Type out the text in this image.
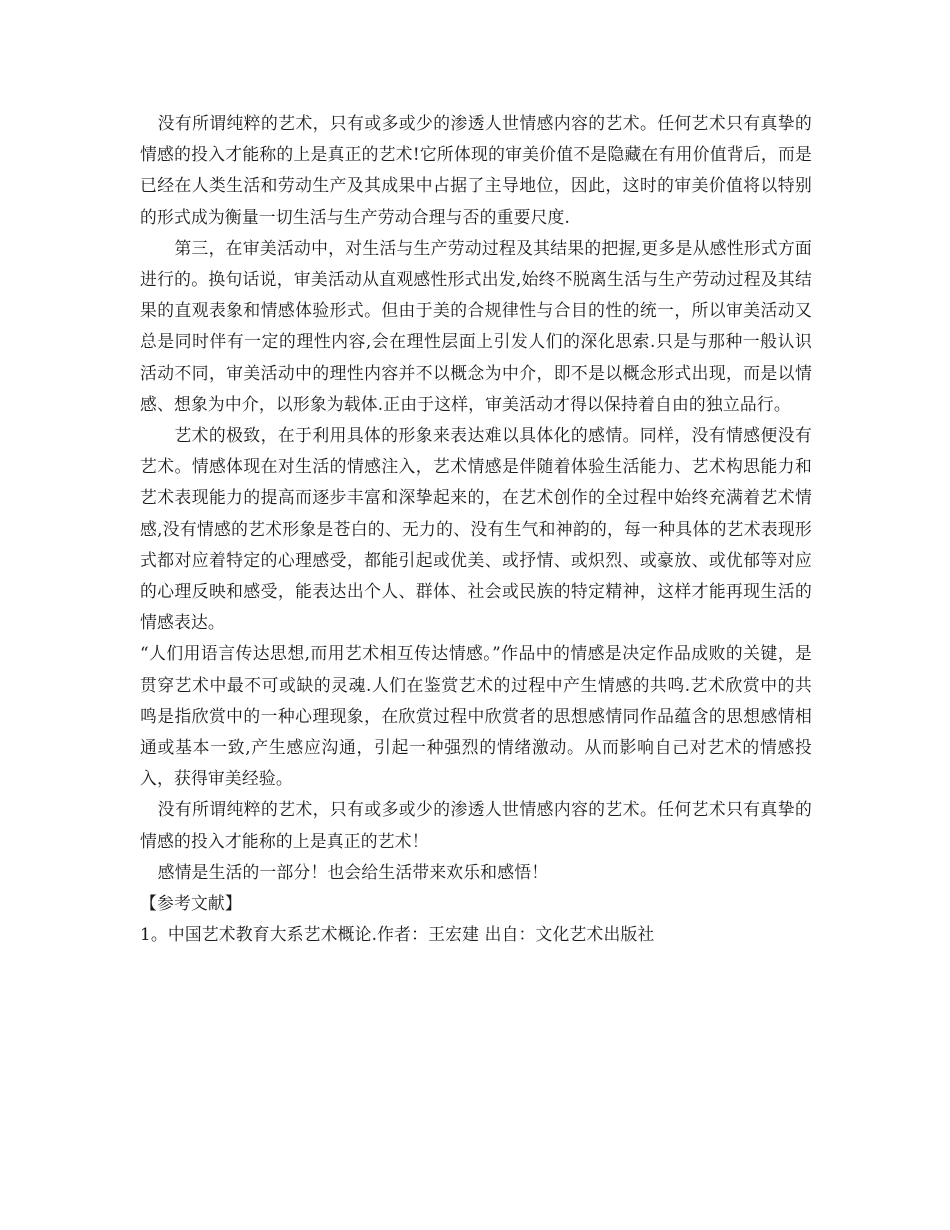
没有所谓纯粹的艺术，只有或多或少的渗透人世情感内容的艺术。任何艺术只有真挚的情感的投入才能称的上是真正的艺术!它所体现的审美价值不是隐藏在有用价值背后，而是已经在人类生活和劳动生产及其成果中占据了主导地位，因此，这时的审美价值将以特别的形式成为衡量一切生活与生产劳动合理与否的重要尺度.

第三，在审美活动中，对生活与生产劳动过程及其结果的把握,更多是从感性形式方面进行的。换句话说，审美活动从直观感性形式出发,始终不脱离生活与生产劳动过程及其结果的直观表象和情感体验形式。但由于美的合规律性与合目的性的统一，所以审美活动又总是同时伴有一定的理性内容,会在理性层面上引发人们的深化思索.只是与那种一般认识活动不同，审美活动中的理性内容并不以概念为中介，即不是以概念形式出现，而是以情感、想象为中介，以形象为载体.正由于这样，审美活动才得以保持着自由的独立品行。

艺术的极致，在于利用具体的形象来表达难以具体化的感情。同样，没有情感便没有艺术。情感体现在对生活的情感注入，艺术情感是伴随着体验生活能力、艺术构思能力和艺术表现能力的提高而逐步丰富和深挚起来的，在艺术创作的全过程中始终充满着艺术情感,没有情感的艺术形象是苍白的、无力的、没有生气和神韵的，每一种具体的艺术表现形式都对应着特定的心理感受，都能引起或优美、或抒情、或炽烈、或豪放、或优郁等对应的心理反映和感受，能表达出个人、群体、社会或民族的特定精神，这样才能再现生活的情感表达。

“人们用语言传达思想,而用艺术相互传达情感。”作品中的情感是决定作品成败的关键，是贯穿艺术中最不可或缺的灵魂.人们在鉴赏艺术的过程中产生情感的共鸣.艺术欣赏中的共鸣是指欣赏中的一种心理现象，在欣赏过程中欣赏者的思想感情同作品蕴含的思想感情相通或基本一致,产生感应沟通，引起一种强烈的情绪激动。从而影响自己对艺术的情感投入，获得审美经验。

没有所谓纯粹的艺术，只有或多或少的渗透人世情感内容的艺术。任何艺术只有真挚的情感的投入才能称的上是真正的艺术！

感情是生活的一部分！也会给生活带来欢乐和感悟！

【参考文献】

1。中国艺术教育大系艺术概论.作者：王宏建 出自：文化艺术出版社
